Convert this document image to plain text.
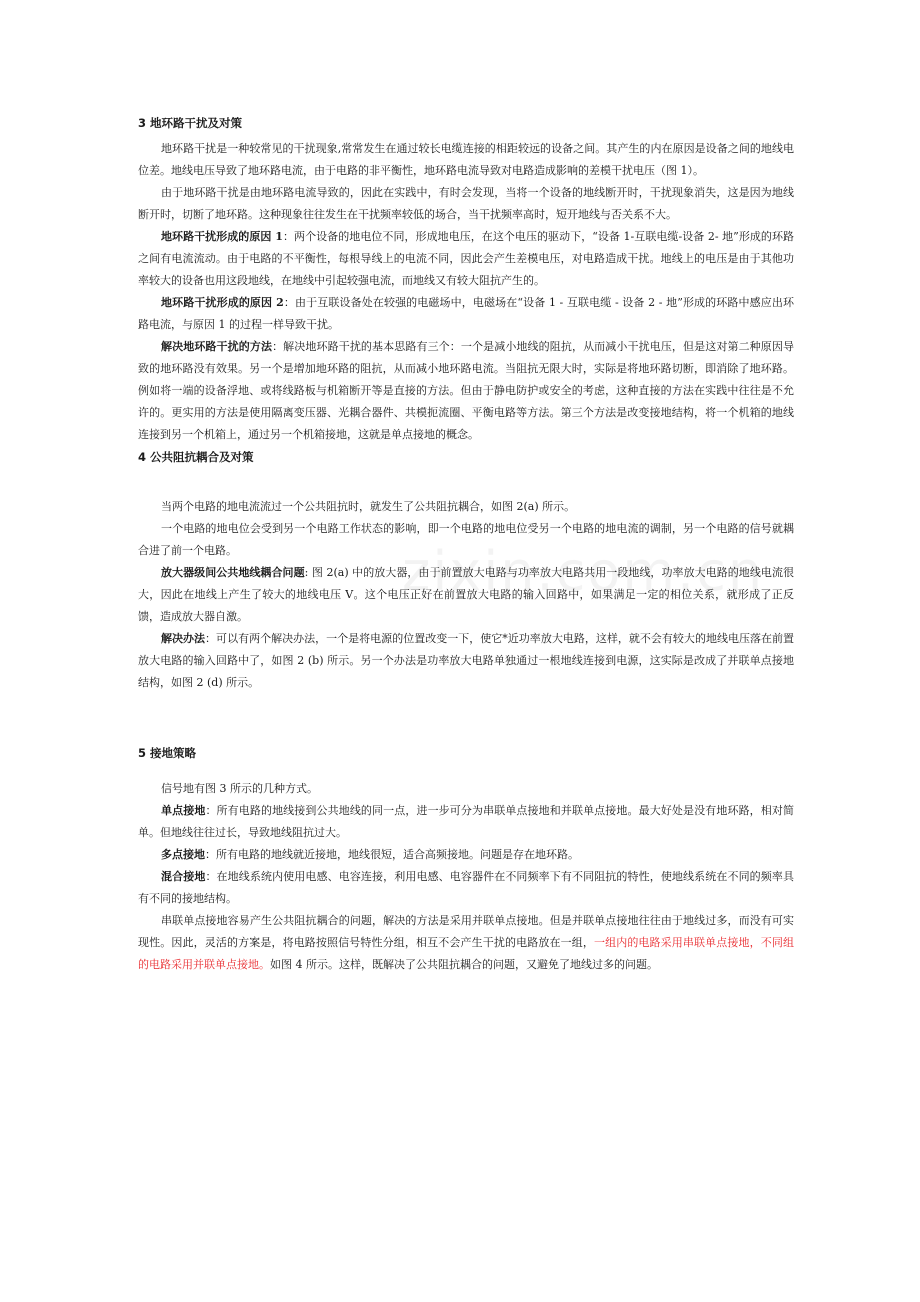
3 地环路干扰及对策

地环路干扰是一种较常见的干扰现象,常常发生在通过较长电缆连接的相距较远的设备之间。其产生的内在原因是设备之间的地线电位差。地线电压导致了地环路电流，由于电路的非平衡性，地环路电流导致对电路造成影响的差模干扰电压（图 1）。

由于地环路干扰是由地环路电流导致的，因此在实践中，有时会发现，当将一个设备的地线断开时，干扰现象消失，这是因为地线断开时，切断了地环路。这种现象往往发生在干扰频率较低的场合，当干扰频率高时，短开地线与否关系不大。

地环路干扰形成的原因 1：两个设备的地电位不同，形成地电压，在这个电压的驱动下，“设备 1-互联电缆-设备 2- 地”形成的环路之间有电流流动。由于电路的不平衡性，每根导线上的电流不同，因此会产生差模电压，对电路造成干扰。地线上的电压是由于其他功率较大的设备也用这段地线，在地线中引起较强电流，而地线又有较大阻抗产生的。

地环路干扰形成的原因 2：由于互联设备处在较强的电磁场中，电磁场在“设备 1 - 互联电缆 - 设备 2 - 地”形成的环路中感应出环路电流，与原因 1 的过程一样导致干扰。

解决地环路干扰的方法：解决地环路干扰的基本思路有三个：一个是减小地线的阻抗，从而减小干扰电压，但是这对第二种原因导致的地环路没有效果。另一个是增加地环路的阻抗，从而减小地环路电流。当阻抗无限大时，实际是将地环路切断，即消除了地环路。例如将一端的设备浮地、或将线路板与机箱断开等是直接的方法。但由于静电防护或安全的考虑，这种直接的方法在实践中往往是不允许的。更实用的方法是使用隔离变压器、光耦合器件、共模扼流圈、平衡电路等方法。第三个方法是改变接地结构，将一个机箱的地线连接到另一个机箱上，通过另一个机箱接地，这就是单点接地的概念。

4 公共阻抗耦合及对策

当两个电路的地电流流过一个公共阻抗时，就发生了公共阻抗耦合，如图 2(a) 所示。

一个电路的地电位会受到另一个电路工作状态的影响，即一个电路的地电位受另一个电路的地电流的调制，另一个电路的信号就耦合进了前一个电路。

放大器级间公共地线耦合问题: 图 2(a) 中的放大器，由于前置放大电路与功率放大电路共用一段地线，功率放大电路的地线电流很大，因此在地线上产生了较大的地线电压 V。这个电压正好在前置放大电路的输入回路中，如果满足一定的相位关系，就形成了正反馈，造成放大器自激。

解决办法：可以有两个解决办法，一个是将电源的位置改变一下，使它*近功率放大电路，这样，就不会有较大的地线电压落在前置放大电路的输入回路中了，如图 2 (b) 所示。另一个办法是功率放大电路单独通过一根地线连接到电源，这实际是改成了并联单点接地结构，如图 2 (d) 所示。

5 接地策略

信号地有图 3 所示的几种方式。

单点接地：所有电路的地线接到公共地线的同一点，进一步可分为串联单点接地和并联单点接地。最大好处是没有地环路，相对简单。但地线往往过长，导致地线阻抗过大。

多点接地：所有电路的地线就近接地，地线很短，适合高频接地。问题是存在地环路。

混合接地：在地线系统内使用电感、电容连接，利用电感、电容器件在不同频率下有不同阻抗的特性，使地线系统在不同的频率具有不同的接地结构。

串联单点接地容易产生公共阻抗耦合的问题，解决的方法是采用并联单点接地。但是并联单点接地往往由于地线过多，而没有可实现性。因此，灵活的方案是，将电路按照信号特性分组，相互不会产生干扰的电路放在一组，一组内的电路采用串联单点接地，不同组的电路采用并联单点接地。如图 4 所示。这样，既解决了公共阻抗耦合的问题，又避免了地线过多的问题。
